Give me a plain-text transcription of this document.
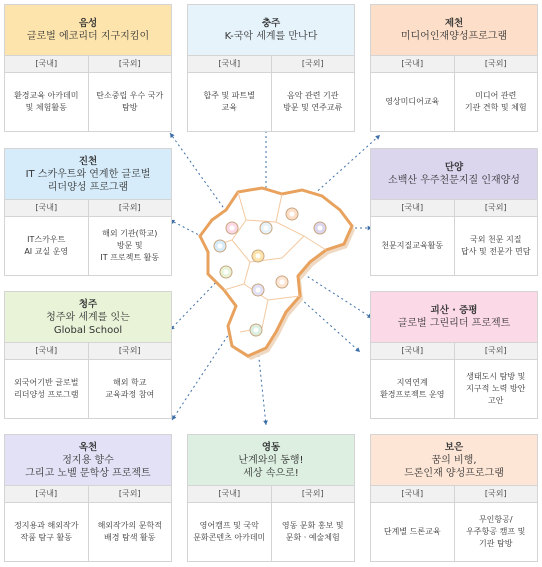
음성
글로벌 에코리더 지구지킴이
[국내]
환경교육 아카데미
및 체험활동
[국외]
탄소중립 우수 국가
탐방
충주
K-국악 세계를 만나다
[국내]
합주 및 파트별
교육
[국외]
음악 관련 기관
방문 및 연주교류
제천
미디어인재양성프로그램
[국내]
영상미디어교육
[국외]
미디어 관련
기관 견학 및 체험
진천
IT 스카우트와 연계한 글로벌
리더양성 프로그램
[국내]
IT스카우트
AI 교실 운영
[국외]
해외 기관(학교)
방문 및
IT 프로젝트 활동
단양
소백산 우주천문지질 인재양성
[국내]
천문지질교육활동
[국외]
국외 천문 지질
답사 및 전문가 면담
청주
청주와 세계를 잇는
Global School
[국내]
외국어기반 글로벌
리더양성 프로그램
[국외]
해외 학교
교육과정 참여
괴산 · 증평
글로벌 그린리더 프로젝트
[국내]
지역연계
환경프로젝트 운영
[국외]
생태도시 탐방 및
지구적 노력 방안
고안
옥천
정지용 향수
그리고 노벨 문학상 프로젝트
[국내]
정지용과 해외작가
작품 탐구 활동
[국외]
해외작가의 문학적
배경 탐색 활동
영동
난계와의 동행!
세상 속으로!
[국내]
영어캠프 및 국악
문화콘텐츠 아카데미
[국외]
영동 문화 홍보 및
문화 · 예술체험
보은
꿈의 비행,
드론인재 양성프로그램
[국내]
단계별 드론교육
[국외]
무인항공/
우주항공 캠프 및
기관 탐방
